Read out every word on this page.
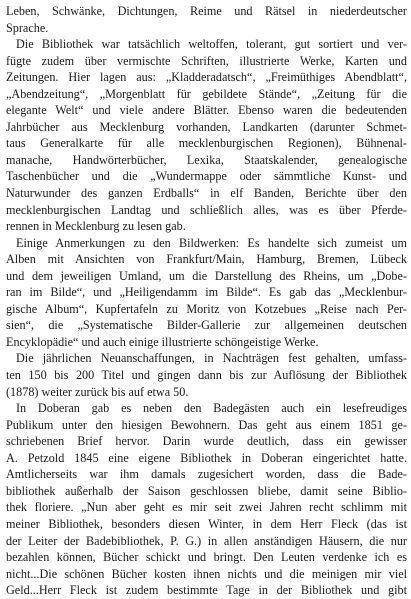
Leben, Schwänke, Dichtungen, Reime und Rätsel in niederdeutscher
Sprache.
Die Bibliothek war tatsächlich weltoffen, tolerant, gut sortiert und ver-
fügte zudem über vermischte Schriften, illustrierte Werke, Karten und
Zeitungen. Hier lagen aus: „Kladderadatsch“, „Freimüthiges Abendblatt“,
„Abendzeitung“, „Morgenblatt für gebildete Stände“, „Zeitung für die
elegante Welt“ und viele andere Blätter. Ebenso waren die bedeutenden
Jahrbücher aus Mecklenburg vorhanden, Landkarten (darunter Schmet-
taus Generalkarte für alle mecklenburgischen Regionen), Bühnenal-
manache, Handwörterbücher, Lexika, Staatskalender, genealogische
Taschenbücher und die „Wundermappe oder sämmtliche Kunst- und
Naturwunder des ganzen Erdballs“ in elf Banden, Berichte über den
mecklenburgischen Landtag und schließlich alles, was es über Pferde-
rennen in Mecklenburg zu lesen gab.
Einige Anmerkungen zu den Bildwerken: Es handelte sich zumeist um
Alben mit Ansichten von Frankfurt/Main, Hamburg, Bremen, Lübeck
und dem jeweiligen Umland, um die Darstellung des Rheins, um „Dobe-
ran im Bilde“, und „Heiligendamm im Bilde“. Es gab das „Mecklenbur-
gische Album“, Kupfertafeln zu Moritz von Kotzebues „Reise nach Per-
sien“, die „Systematische Bilder-Gallerie zur allgemeinen deutschen
Encyklopädie“ und auch einige illustrierte schöngeistige Werke.
Die jährlichen Neuanschaffungen, in Nachträgen fest gehalten, umfass-
ten 150 bis 200 Titel und gingen dann bis zur Auflösung der Bibliothek
(1878) weiter zurück bis auf etwa 50.
In Doberan gab es neben den Badegästen auch ein lesefreudiges
Publikum unter den hiesigen Bewohnern. Das geht aus einem 1851 ge-
schriebenen Brief hervor. Darin wurde deutlich, dass ein gewisser
A. Petzold 1845 eine eigene Bibliothek in Doberan eingerichtet hatte.
Amtlicherseits war ihm damals zugesichert worden, dass die Bade-
bibliothek außerhalb der Saison geschlossen bliebe, damit seine Biblio-
thek floriere. „Nun aber geht es mir seit zwei Jahren recht schlimm mit
meiner Bibliothek, besonders diesen Winter, in dem Herr Fleck (das ist
der Leiter der Badebibliothek, P. G.) in allen anständigen Häusern, die nur
bezahlen können, Bücher schickt und bringt. Den Leuten verdenke ich es
nicht...Die schönen Bücher kosten ihnen nichts und die meinigen mir viel
Geld...Herr Fleck ist zudem bestimmte Tage in der Bibliothek und gibt
